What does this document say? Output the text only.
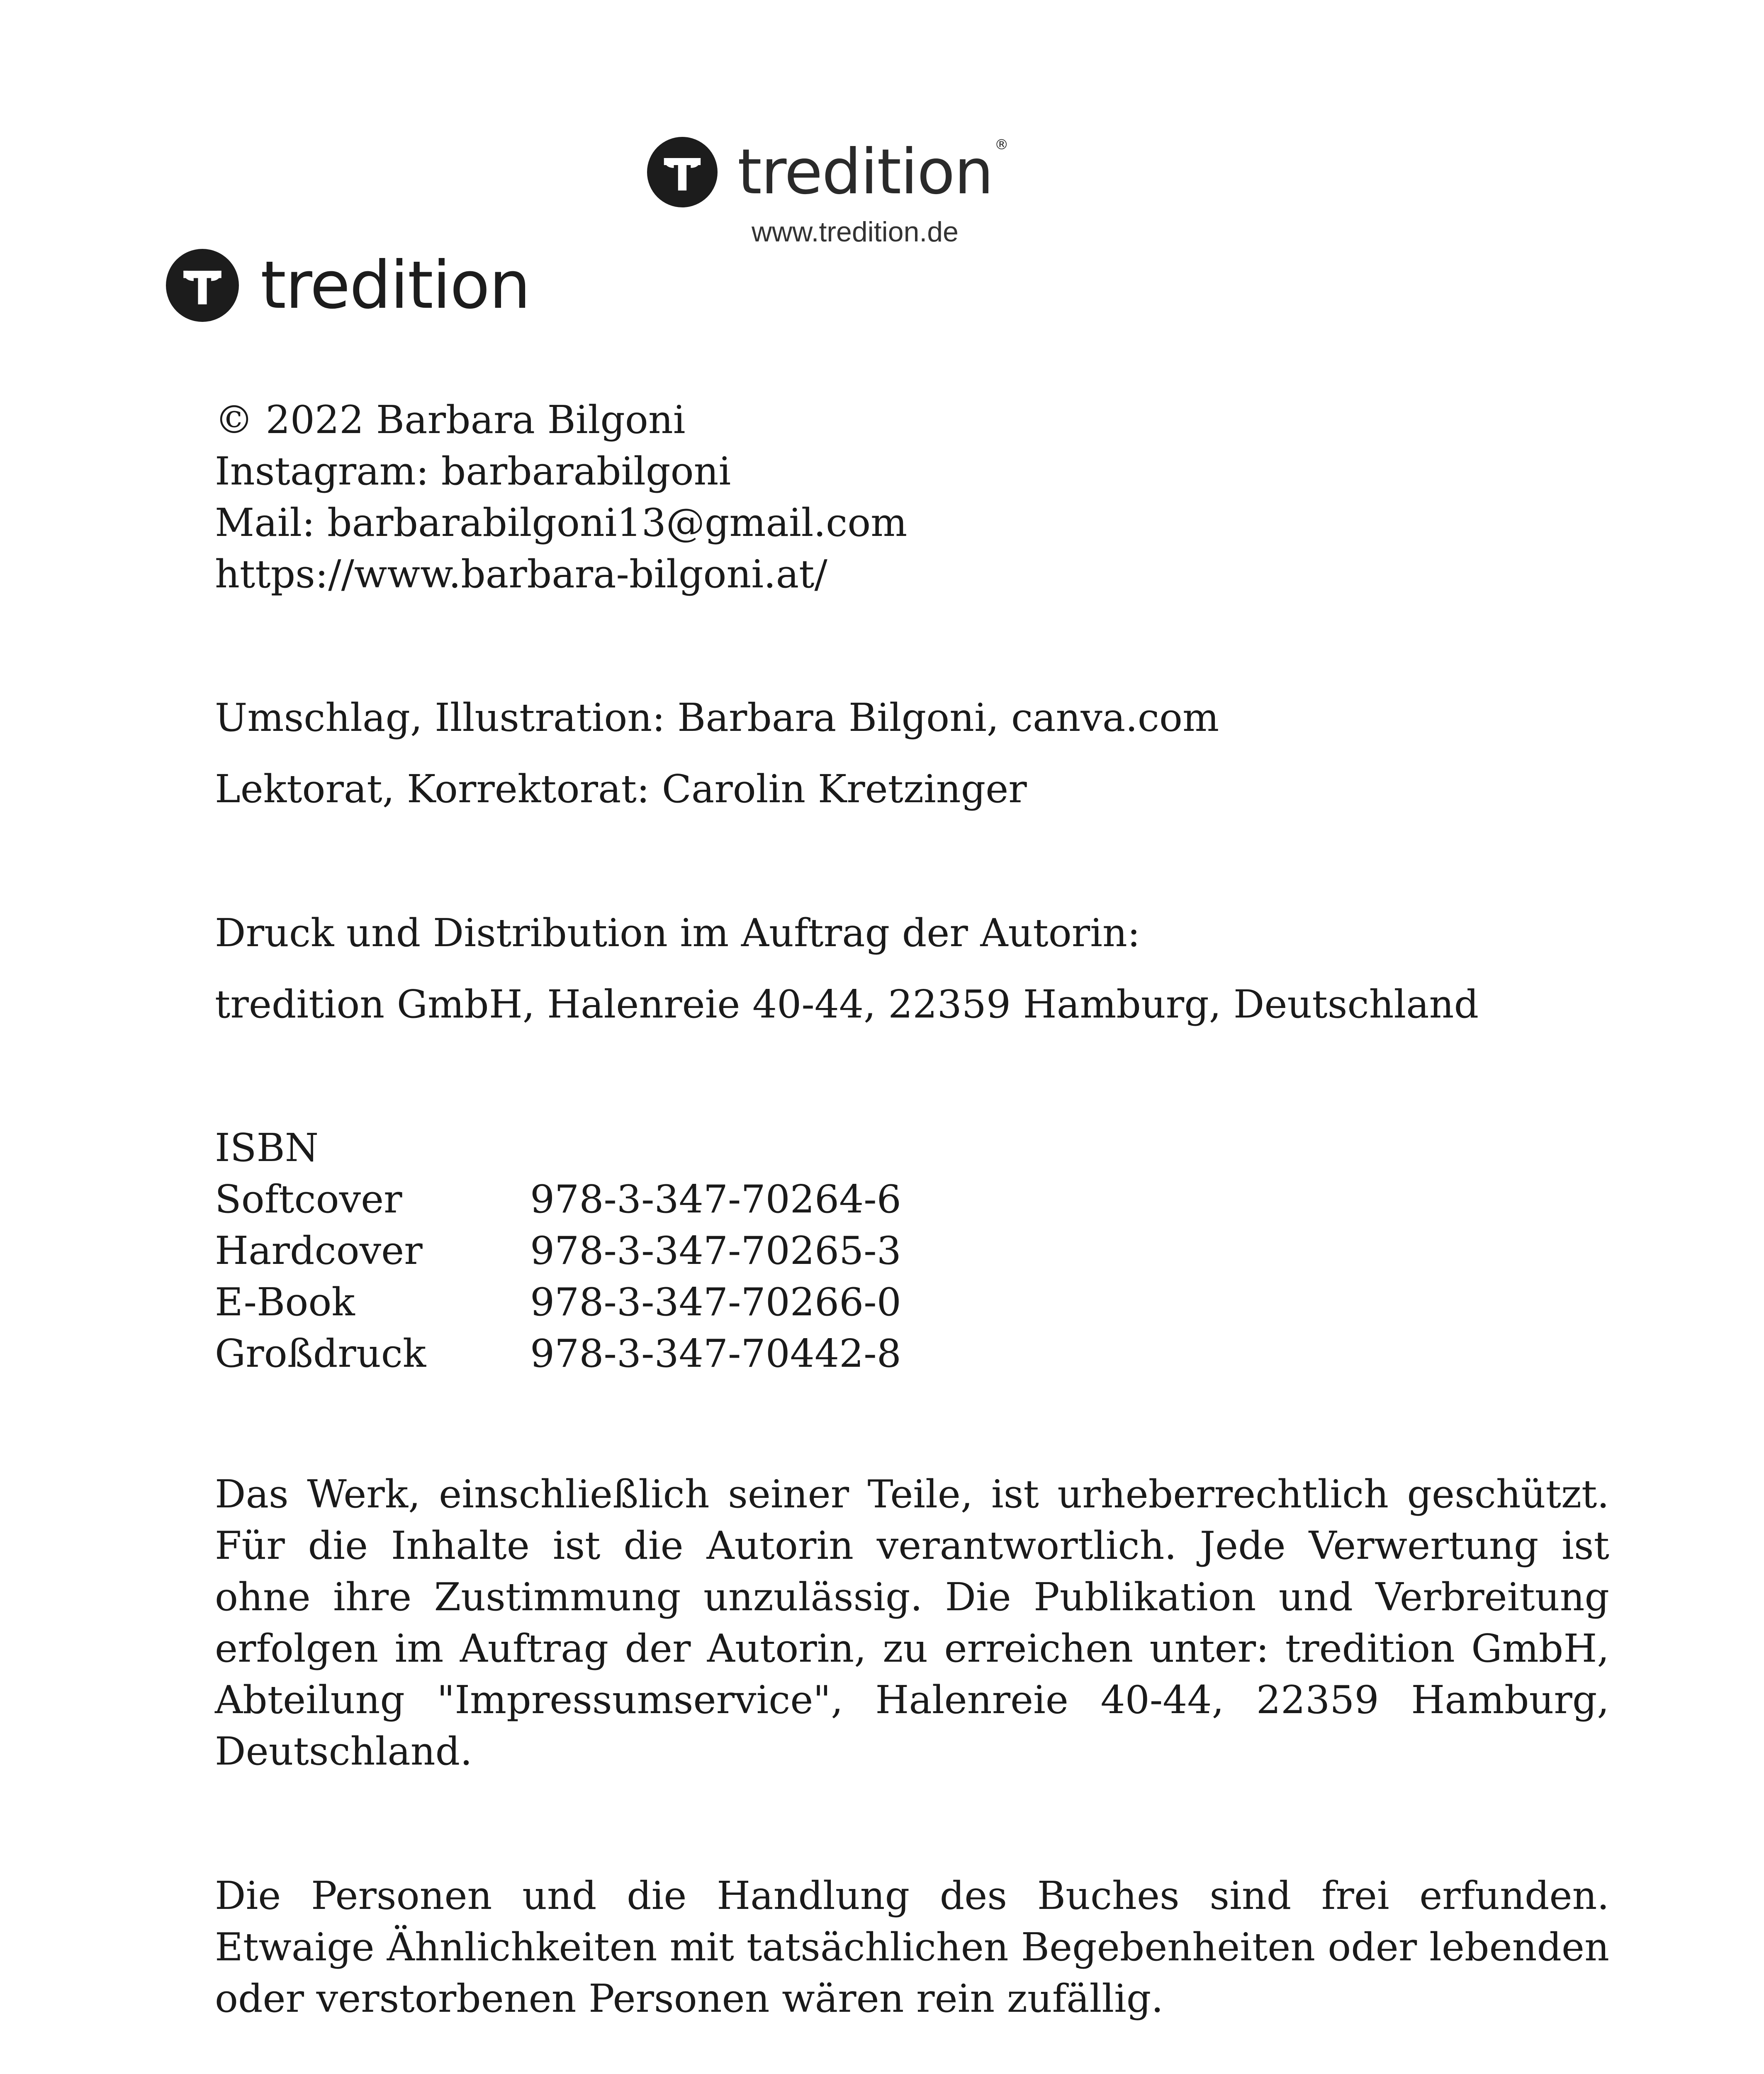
tredition ®
www.tredition.de
tredition

© 2022 Barbara Bilgoni

Instagram: barbarabilgoni

Mail: barbarabilgoni13@gmail.com

https://www.barbara-bilgoni.at/

Umschlag, Illustration: Barbara Bilgoni, canva.com

Lektorat, Korrektorat: Carolin Kretzinger

Druck und Distribution im Auftrag der Autorin:

tredition GmbH, Halenreie 40-44, 22359 Hamburg, Deutschland

ISBN

Softcover	978-3-347-70264-6
Hardcover	978-3-347-70265-3
E-Book	978-3-347-70266-0
Großdruck	978-3-347-70442-8

Das Werk, einschließlich seiner Teile, ist urheberrechtlich geschützt. Für die Inhalte ist die Autorin verantwortlich. Jede Verwertung ist ohne ihre Zustimmung unzulässig. Die Publikation und Verbreitung erfolgen im Auftrag der Autorin, zu erreichen unter: tredition GmbH, Abteilung "Impressumservice", Halenreie 40-44, 22359 Hamburg, Deutschland.

Die Personen und die Handlung des Buches sind frei erfunden. Etwaige Ähnlichkeiten mit tatsächlichen Begebenheiten oder lebenden oder verstorbenen Personen wären rein zufällig.
